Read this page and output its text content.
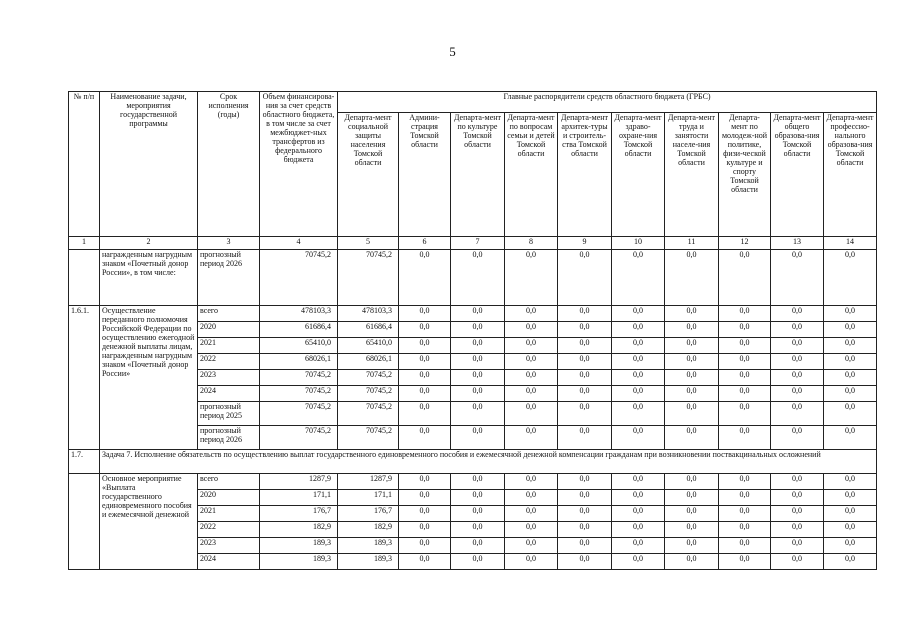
5
№ п/п	Наименование задачи, мероприятия государственной программы	Срок исполнения (годы)	Объем финансирова-ния за счет средств областного бюджета, в том числе за счет межбюджет-ных трансфертов из федерального бюджета	Главные распорядители средств областного бюджета (ГРБС)									
				Департа-мент социальной защиты населения Томской области	Админи-страция Томской области	Департа-мент по культуре Томской области	Департа-мент по вопросам семьи и детей Томской области	Департа-мент архитек-туры и строитель-ства Томской области	Департа-мент здраво-охране-ния Томской области	Департа-мент труда и занятости населе-ния Томской области	Департа-мент по молодеж-ной политике, физи-ческой культуре и спорту Томской области	Департа-мент общего образова-ния Томской области	Департа-мент профессио-нального образова-ния Томской области
1	2	3	4	5	6	7	8	9	10	11	12	13	14
	награжденным нагрудным знаком «Почетный донор России», в том числе:	прогнозный период 2026	70745,2	70745,2	0,0	0,0	0,0	0,0	0,0	0,0	0,0	0,0	0,0
1.6.1.	Осуществление переданного полномочия Российской Федерации по осуществлению ежегодной денежной выплаты лицам, награжденным нагрудным знаком «Почетный донор России»	всего	478103,3	478103,3	0,0	0,0	0,0	0,0	0,0	0,0	0,0	0,0	0,0
		2020	61686,4	61686,4	0,0	0,0	0,0	0,0	0,0	0,0	0,0	0,0	0,0
		2021	65410,0	65410,0	0,0	0,0	0,0	0,0	0,0	0,0	0,0	0,0	0,0
		2022	68026,1	68026,1	0,0	0,0	0,0	0,0	0,0	0,0	0,0	0,0	0,0
		2023	70745,2	70745,2	0,0	0,0	0,0	0,0	0,0	0,0	0,0	0,0	0,0
		2024	70745,2	70745,2	0,0	0,0	0,0	0,0	0,0	0,0	0,0	0,0	0,0
		прогнозный период 2025	70745,2	70745,2	0,0	0,0	0,0	0,0	0,0	0,0	0,0	0,0	0,0
		прогнозный период 2026	70745,2	70745,2	0,0	0,0	0,0	0,0	0,0	0,0	0,0	0,0	0,0
1.7.	Задача 7. Исполнение обязательств по осуществлению выплат государственного единовременного пособия и ежемесячной денежной компенсации гражданам при возникновении поствакцинальных осложнений												
	Основное мероприятие «Выплата государственного единовременного пособия и ежемесячной денежной	всего	1287,9	1287,9	0,0	0,0	0,0	0,0	0,0	0,0	0,0	0,0	0,0
		2020	171,1	171,1	0,0	0,0	0,0	0,0	0,0	0,0	0,0	0,0	0,0
		2021	176,7	176,7	0,0	0,0	0,0	0,0	0,0	0,0	0,0	0,0	0,0
		2022	182,9	182,9	0,0	0,0	0,0	0,0	0,0	0,0	0,0	0,0	0,0
		2023	189,3	189,3	0,0	0,0	0,0	0,0	0,0	0,0	0,0	0,0	0,0
		2024	189,3	189,3	0,0	0,0	0,0	0,0	0,0	0,0	0,0	0,0	0,0
